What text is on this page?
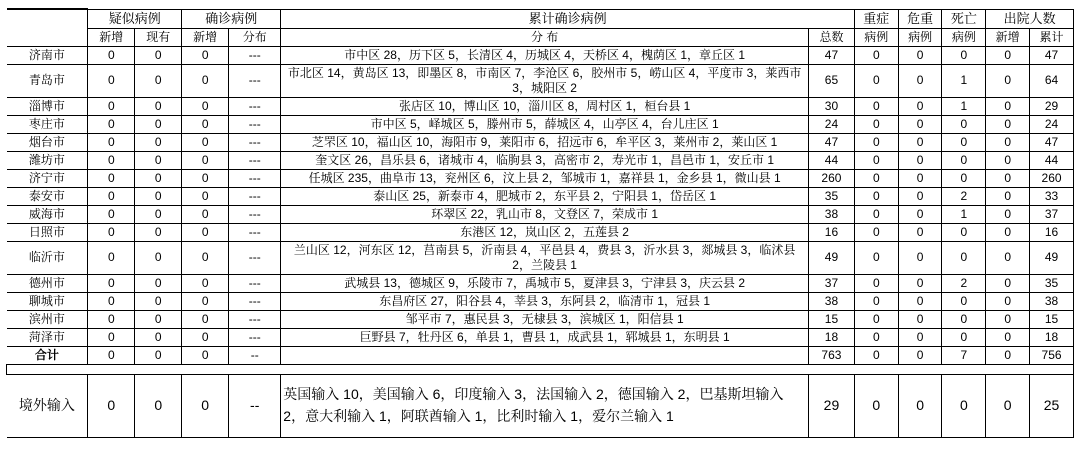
	疑似病例		确诊病例		累计确诊病例		重症	危重	死亡	出院人数	
	新增	现有	新增	分布	分 布	总数	病例	病例	病例	新增	累计
济南市	0	0	0	---	市中区 28，历下区 5，长清区 4，历城区 4，天桥区 4，槐荫区 1，章丘区 1	47	0	0	0	0	47
青岛市	0	0	0	---	市北区 14，黄岛区 13，即墨区 8，市南区 7，李沧区 6，胶州市 5，崂山区 4，平度市 3，莱西市 3，城阳区 2	65	0	0	1	0	64
淄博市	0	0	0	---	张店区 10，博山区 10，淄川区 8，周村区 1，桓台县 1	30	0	0	1	0	29
枣庄市	0	0	0	---	市中区 5，峄城区 5，滕州市 5，薛城区 4，山亭区 4，台儿庄区 1	24	0	0	0	0	24
烟台市	0	0	0	---	芝罘区 10，福山区 10，海阳市 9，莱阳市 6，招远市 6，牟平区 3，莱州市 2，莱山区 1	47	0	0	0	0	47
潍坊市	0	0	0	---	奎文区 26，昌乐县 6，诸城市 4，临朐县 3，高密市 2，寿光市 1，昌邑市 1，安丘市 1	44	0	0	0	0	44
济宁市	0	0	0	---	任城区 235，曲阜市 13，兖州区 6，汶上县 2，邹城市 1，嘉祥县 1，金乡县 1，微山县 1	260	0	0	0	0	260
泰安市	0	0	0	---	泰山区 25，新泰市 4，肥城市 2，东平县 2，宁阳县 1，岱岳区 1	35	0	0	2	0	33
威海市	0	0	0	---	环翠区 22，乳山市 8，文登区 7，荣成市 1	38	0	0	1	0	37
日照市	0	0	0	---	东港区 12，岚山区 2，五莲县 2	16	0	0	0	0	16
临沂市	0	0	0	---	兰山区 12，河东区 12，莒南县 5，沂南县 4，平邑县 4，费县 3，沂水县 3，郯城县 3，临沭县 2，兰陵县 1	49	0	0	0	0	49
德州市	0	0	0	---	武城县 13，德城区 9，乐陵市 7，禹城市 5，夏津县 3，宁津县 3，庆云县 2	37	0	0	2	0	35
聊城市	0	0	0	---	东昌府区 27，阳谷县 4，莘县 3，东阿县 2，临清市 1，冠县 1	38	0	0	0	0	38
滨州市	0	0	0	---	邹平市 7，惠民县 3，无棣县 3，滨城区 1，阳信县 1	15	0	0	0	0	15
菏泽市	0	0	0	---	巨野县 7，牡丹区 6，单县 1，曹县 1，成武县 1，郓城县 1，东明县 1	18	0	0	0	0	18
合计	0	0	0	--		763	0	0	7	0	756

境外输入	0	0	0	--	英国输入 10，美国输入 6，印度输入 3，法国输入 2，德国输入 2，巴基斯坦输入 2，意大利输入 1，阿联酋输入 1，比利时输入 1，爱尔兰输入 1	29	0	0	0	0	25
